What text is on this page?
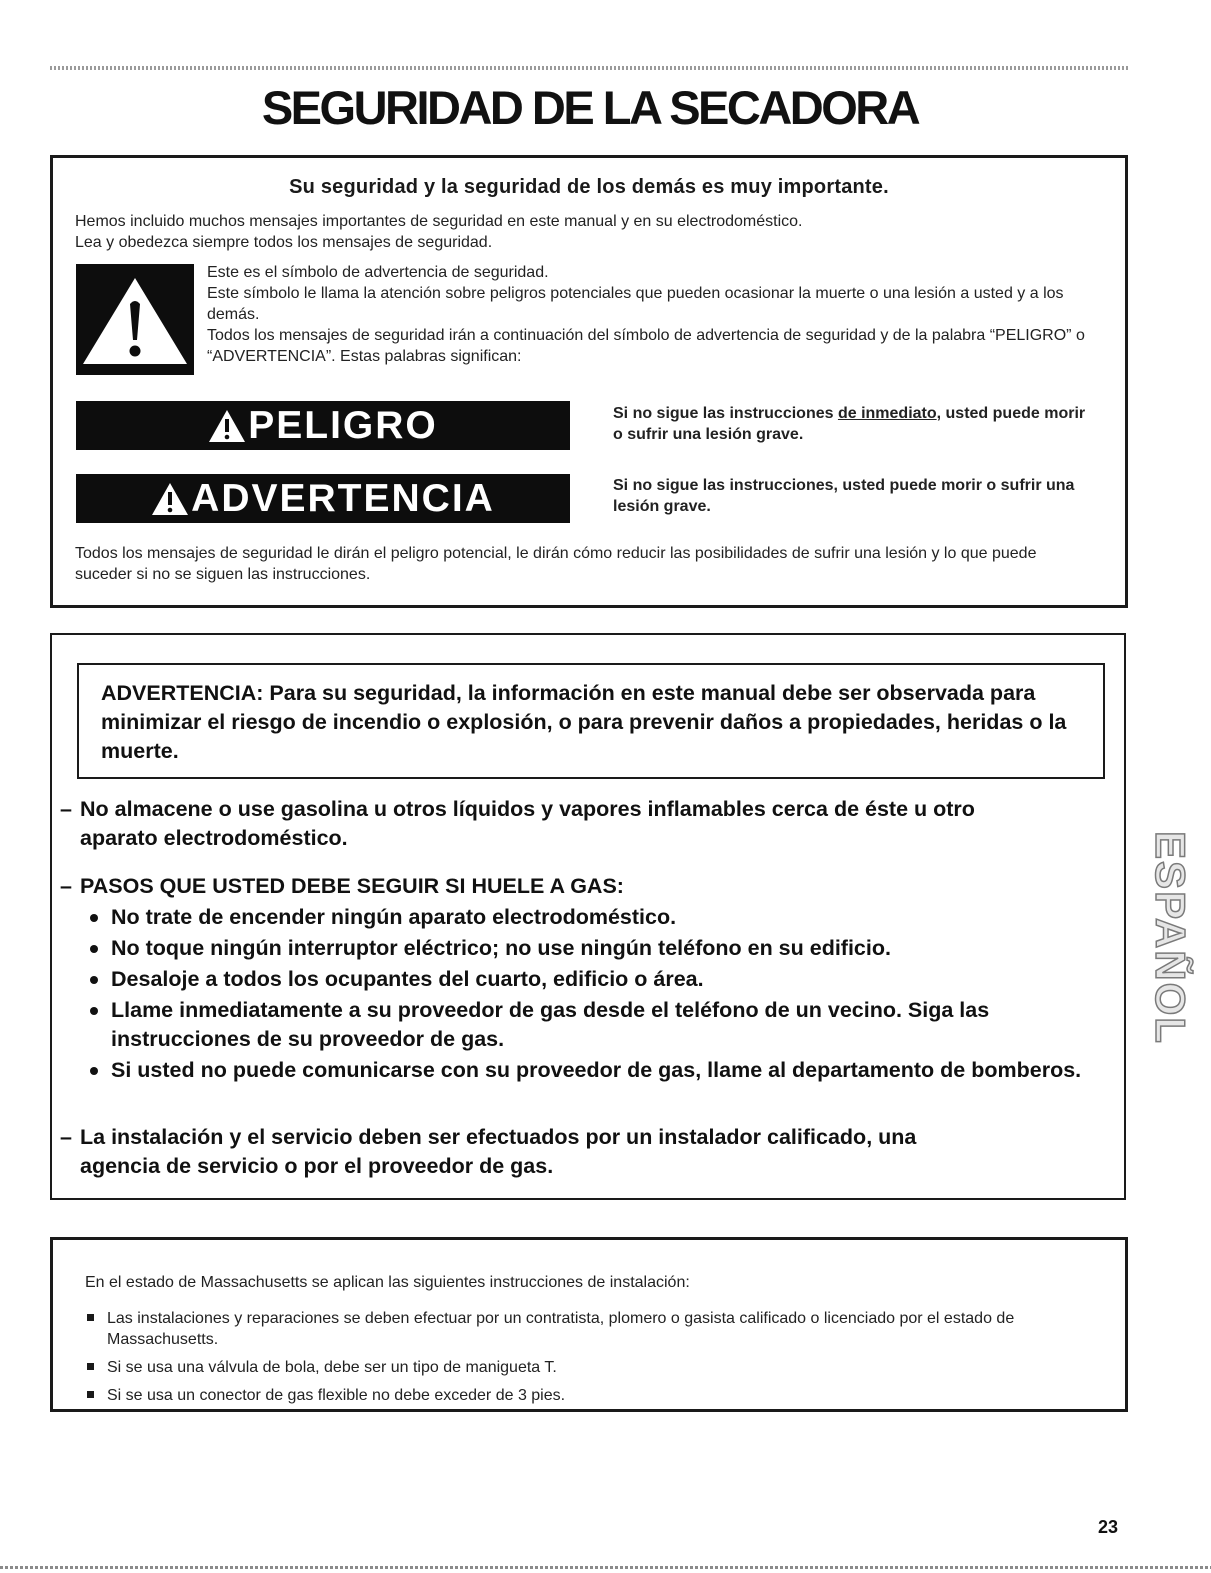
SEGURIDAD DE LA SECADORA
Su seguridad y la seguridad de los demás es muy importante.
Hemos incluido muchos mensajes importantes de seguridad en este manual y en su electrodoméstico.
Lea y obedezca siempre todos los mensajes de seguridad.
Este es el símbolo de advertencia de seguridad.
Este símbolo le llama la atención sobre peligros potenciales que pueden ocasionar la muerte o una lesión a usted y a los demás.
Todos los mensajes de seguridad irán a continuación del símbolo de advertencia de seguridad y de la palabra “PELIGRO” o “ADVERTENCIA”. Estas palabras significan:
PELIGRO	Si no sigue las instrucciones de inmediato, usted puede morir o sufrir una lesión grave.
ADVERTENCIA	Si no sigue las instrucciones, usted puede morir o sufrir una lesión grave.
Todos los mensajes de seguridad le dirán el peligro potencial, le dirán cómo reducir las posibilidades de sufrir una lesión y lo que puede suceder si no se siguen las instrucciones.
ADVERTENCIA: Para su seguridad, la información en este manual debe ser observada para minimizar el riesgo de incendio o explosión, o para prevenir daños a propiedades, heridas o la muerte.
– No almacene o use gasolina u otros líquidos y vapores inflamables cerca de éste u otro
aparato electrodoméstico.
– PASOS QUE USTED DEBE SEGUIR SI HUELE A GAS:
No trate de encender ningún aparato electrodoméstico.
No toque ningún interruptor eléctrico; no use ningún teléfono en su edificio.
Desaloje a todos los ocupantes del cuarto, edificio o área.
Llame inmediatamente a su proveedor de gas desde el teléfono de un vecino. Siga las instrucciones de su proveedor de gas.
Si usted no puede comunicarse con su proveedor de gas, llame al departamento de bomberos.
– La instalación y el servicio deben ser efectuados por un instalador calificado, una
agencia de servicio o por el proveedor de gas.
En el estado de Massachusetts se aplican las siguientes instrucciones de instalación:
Las instalaciones y reparaciones se deben efectuar por un contratista, plomero o gasista calificado o licenciado por el estado de Massachusetts.
Si se usa una válvula de bola, debe ser un tipo de manigueta T.
Si se usa un conector de gas flexible no debe exceder de 3 pies.
ESPAÑOL
23
